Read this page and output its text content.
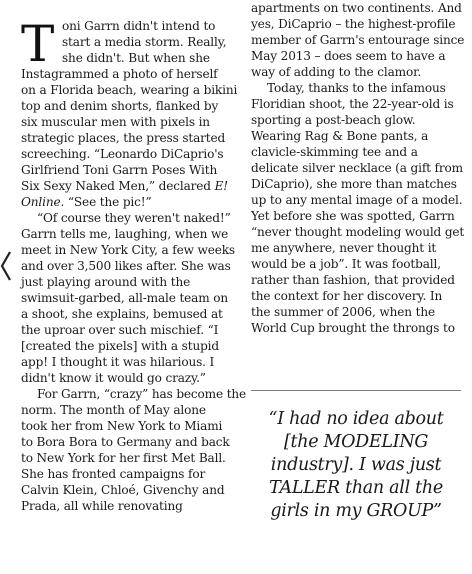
T oni Garrn didn't intend to
start a media storm. Really,
she didn't. But when she
Instagrammed a photo of herself
on a Florida beach, wearing a bikini
top and denim shorts, flanked by
six muscular men with pixels in
strategic places, the press started
screeching. “Leonardo DiCaprio's
Girlfriend Toni Garrn Poses With
Six Sexy Naked Men,” declared E!
Online. “See the pic!”
“Of course they weren't naked!”
Garrn tells me, laughing, when we
meet in New York City, a few weeks
and over 3,500 likes after. She was
just playing around with the
swimsuit-garbed, all-male team on
a shoot, she explains, bemused at
the uproar over such mischief. “I
[created the pixels] with a stupid
app! I thought it was hilarious. I
didn't know it would go crazy.”
For Garrn, “crazy” has become the
norm. The month of May alone
took her from New York to Miami
to Bora Bora to Germany and back
to New York for her first Met Ball.
She has fronted campaigns for
Calvin Klein, Chloé, Givenchy and
Prada, all while renovating
apartments on two continents. And
yes, DiCaprio – the highest-profile
member of Garrn's entourage since
May 2013 – does seem to have a
way of adding to the clamor.
Today, thanks to the infamous
Floridian shoot, the 22-year-old is
sporting a post-beach glow.
Wearing Rag & Bone pants, a
clavicle-skimming tee and a
delicate silver necklace (a gift from
DiCaprio), she more than matches
up to any mental image of a model.
Yet before she was spotted, Garrn
“never thought modeling would get
me anywhere, never thought it
would be a job”. It was football,
rather than fashion, that provided
the context for her discovery. In
the summer of 2006, when the
World Cup brought the throngs to
“I had no idea about
[the MODELING
industry]. I was just
TALLER than all the
girls in my GROUP”
